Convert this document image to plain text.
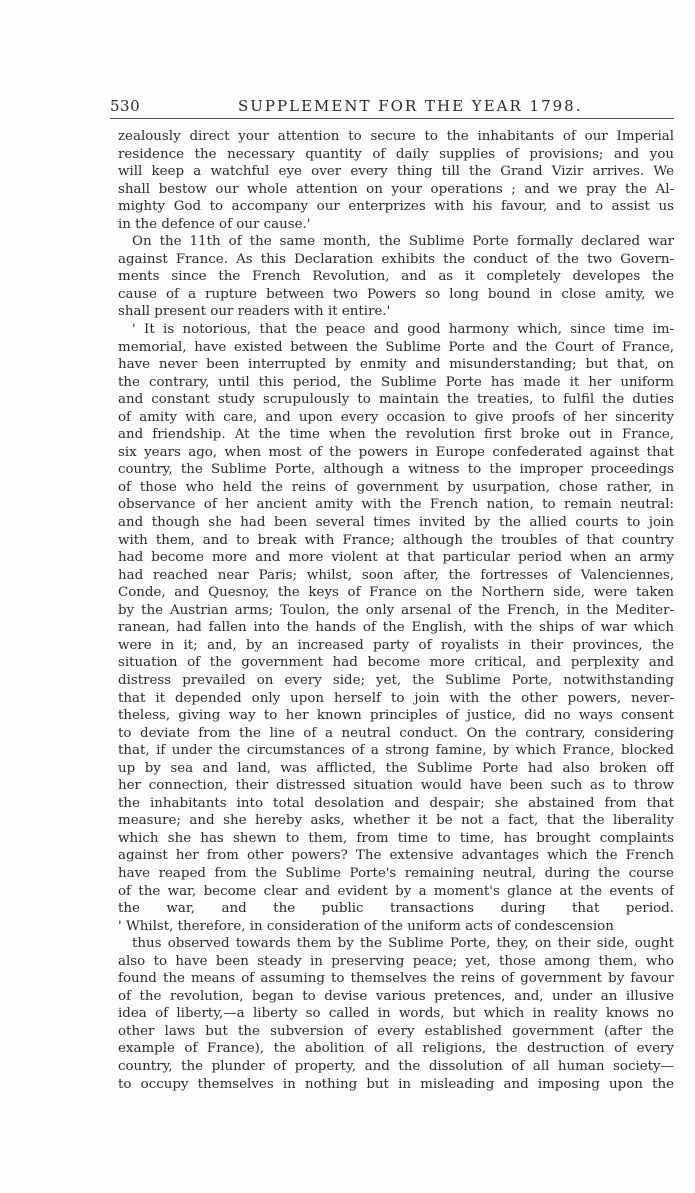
530	SUPPLEMENT FOR THE YEAR 1798.
zealously direct your attention to secure to the inhabitants of our Imperial
residence the necessary quantity of daily supplies of provisions; and you
will keep a watchful eye over every thing till the Grand Vizir arrives. We
shall bestow our whole attention on your operations ; and we pray the Al-
mighty God to accompany our enterprizes with his favour, and to assist us
in the defence of our cause.'
On the 11th of the same month, the Sublime Porte formally declared war
against France. As this Declaration exhibits the conduct of the two Govern-
ments since the French Revolution, and as it completely developes the
cause of a rupture between two Powers so long bound in close amity, we
shall present our readers with it entire.'
' It is notorious, that the peace and good harmony which, since time im-
memorial, have existed between the Sublime Porte and the Court of France,
have never been interrupted by enmity and misunderstanding; but that, on
the contrary, until this period, the Sublime Porte has made it her uniform
and constant study scrupulously to maintain the treaties, to fulfil the duties
of amity with care, and upon every occasion to give proofs of her sincerity
and friendship. At the time when the revolution first broke out in France,
six years ago, when most of the powers in Europe confederated against that
country, the Sublime Porte, although a witness to the improper proceedings
of those who held the reins of government by usurpation, chose rather, in
observance of her ancient amity with the French nation, to remain neutral:
and though she had been several times invited by the allied courts to join
with them, and to break with France; although the troubles of that country
had become more and more violent at that particular period when an army
had reached near Paris; whilst, soon after, the fortresses of Valenciennes,
Conde, and Quesnoy, the keys of France on the Northern side, were taken
by the Austrian arms; Toulon, the only arsenal of the French, in the Mediter-
ranean, had fallen into the hands of the English, with the ships of war which
were in it; and, by an increased party of royalists in their provinces, the
situation of the government had become more critical, and perplexity and
distress prevailed on every side; yet, the Sublime Porte, notwithstanding
that it depended only upon herself to join with the other powers, never-
theless, giving way to her known principles of justice, did no ways consent
to deviate from the line of a neutral conduct. On the contrary, considering
that, if under the circumstances of a strong famine, by which France, blocked
up by sea and land, was afflicted, the Sublime Porte had also broken off
her connection, their distressed situation would have been such as to throw
the inhabitants into total desolation and despair; she abstained from that
measure; and she hereby asks, whether it be not a fact, that the liberality
which she has shewn to them, from time to time, has brought complaints
against her from other powers? The extensive advantages which the French
have reaped from the Sublime Porte's remaining neutral, during the course
of the war, become clear and evident by a moment's glance at the events of
the war, and the public transactions during that period.
' Whilst, therefore, in consideration of the uniform acts of condescension
thus observed towards them by the Sublime Porte, they, on their side, ought
also to have been steady in preserving peace; yet, those among them, who
found the means of assuming to themselves the reins of government by favour
of the revolution, began to devise various pretences, and, under an illusive
idea of liberty,—a liberty so called in words, but which in reality knows no
other laws but the subversion of every established government (after the
example of France), the abolition of all religions, the destruction of every
country, the plunder of property, and the dissolution of all human society—
to occupy themselves in nothing but in misleading and imposing upon the
